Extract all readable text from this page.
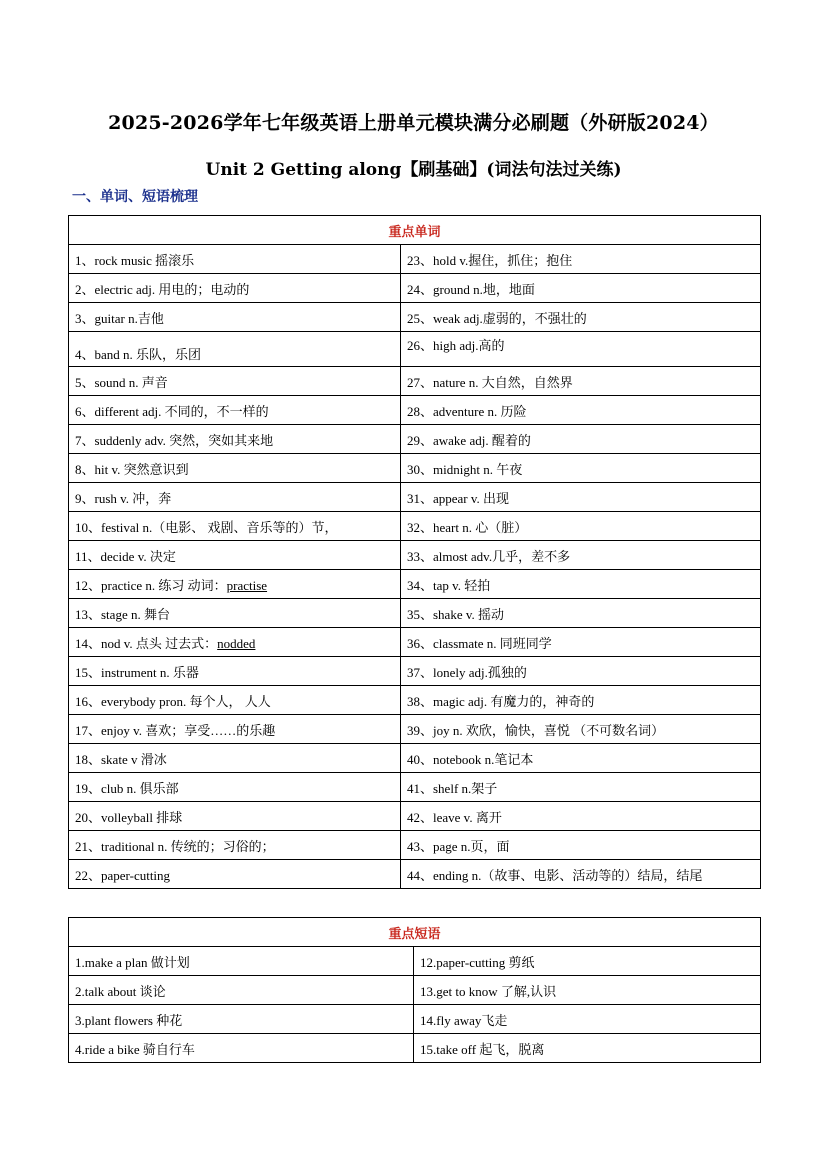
2025-2026学年七年级英语上册单元模块满分必刷题（外研版2024）
Unit 2 Getting along【刷基础】(词法句法过关练)
一、单词、短语梳理
重点单词	
1、rock music 摇滚乐	23、hold v.握住，抓住；抱住
2、electric adj. 用电的；电动的	24、ground n.地，地面
3、guitar n.吉他	25、weak adj.虚弱的，不强壮的
4、band n. 乐队，乐团	26、high adj.高的
5、sound n. 声音	27、nature n. 大自然，自然界
6、different adj. 不同的，不一样的	28、adventure n. 历险
7、suddenly adv. 突然，突如其来地	29、awake adj. 醒着的
8、hit v. 突然意识到	30、midnight n. 午夜
9、rush v. 冲，奔	31、appear v. 出现
10、festival n.（电影、 戏剧、音乐等的）节，	32、heart n. 心（脏）
11、decide v. 决定	33、almost adv.几乎，差不多
12、practice n. 练习 动词：practise	34、tap v. 轻拍
13、stage n. 舞台	35、shake v. 摇动
14、nod v. 点头 过去式：nodded	36、classmate n. 同班同学
15、instrument n. 乐器	37、lonely adj.孤独的
16、everybody pron. 每个人， 人人	38、magic adj. 有魔力的，神奇的
17、enjoy v. 喜欢；享受……的乐趣	39、joy n. 欢欣，愉快，喜悦 （不可数名词）
18、skate v 滑冰	40、notebook n.笔记本
19、club n. 俱乐部	41、shelf n.架子
20、volleyball 排球	42、leave v. 离开
21、traditional n. 传统的；习俗的；	43、page n.页，面
22、paper-cutting	44、ending n.（故事、电影、活动等的）结局，结尾
重点短语	
1.make a plan 做计划	12.paper-cutting 剪纸
2.talk about 谈论	13.get to know 了解,认识
3.plant flowers 种花	14.fly away飞走
4.ride a bike 骑自行车	15.take off 起飞，脱离
